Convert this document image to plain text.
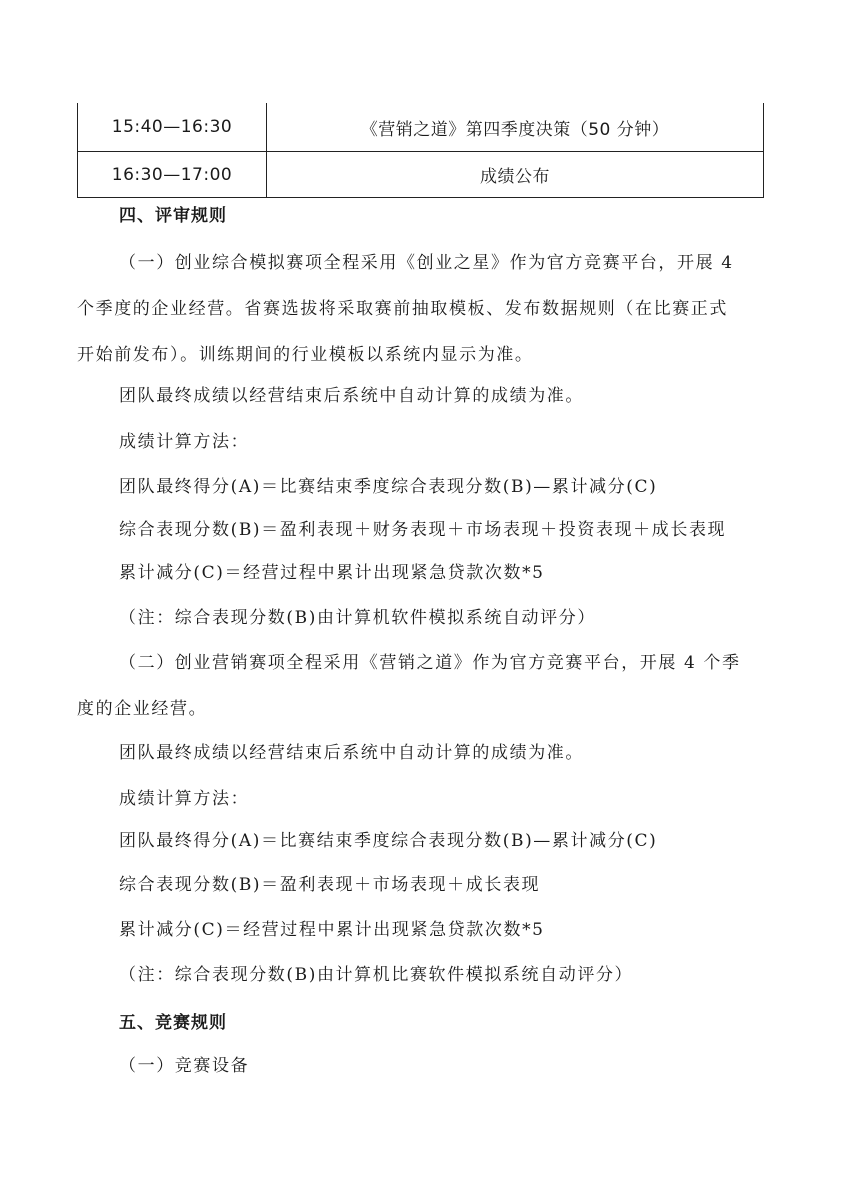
15:40—16:30	《营销之道》第四季度决策（50 分钟）
16:30—17:00	成绩公布
四、评审规则
（一）创业综合模拟赛项全程采用《创业之星》作为官方竞赛平台，开展 4
个季度的企业经营。省赛选拔将采取赛前抽取模板、发布数据规则（在比赛正式
开始前发布）。训练期间的行业模板以系统内显示为准。
团队最终成绩以经营结束后系统中自动计算的成绩为准。
成绩计算方法：
团队最终得分(A)＝比赛结束季度综合表现分数(B)—累计减分(C)
综合表现分数(B)＝盈利表现＋财务表现＋市场表现＋投资表现＋成长表现
累计减分(C)＝经营过程中累计出现紧急贷款次数*5
（注：综合表现分数(B)由计算机软件模拟系统自动评分）
（二）创业营销赛项全程采用《营销之道》作为官方竞赛平台，开展 4 个季
度的企业经营。
团队最终成绩以经营结束后系统中自动计算的成绩为准。
成绩计算方法：
团队最终得分(A)＝比赛结束季度综合表现分数(B)—累计减分(C)
综合表现分数(B)＝盈利表现＋市场表现＋成长表现
累计减分(C)＝经营过程中累计出现紧急贷款次数*5
（注：综合表现分数(B)由计算机比赛软件模拟系统自动评分）
五、竞赛规则
（一）竞赛设备
